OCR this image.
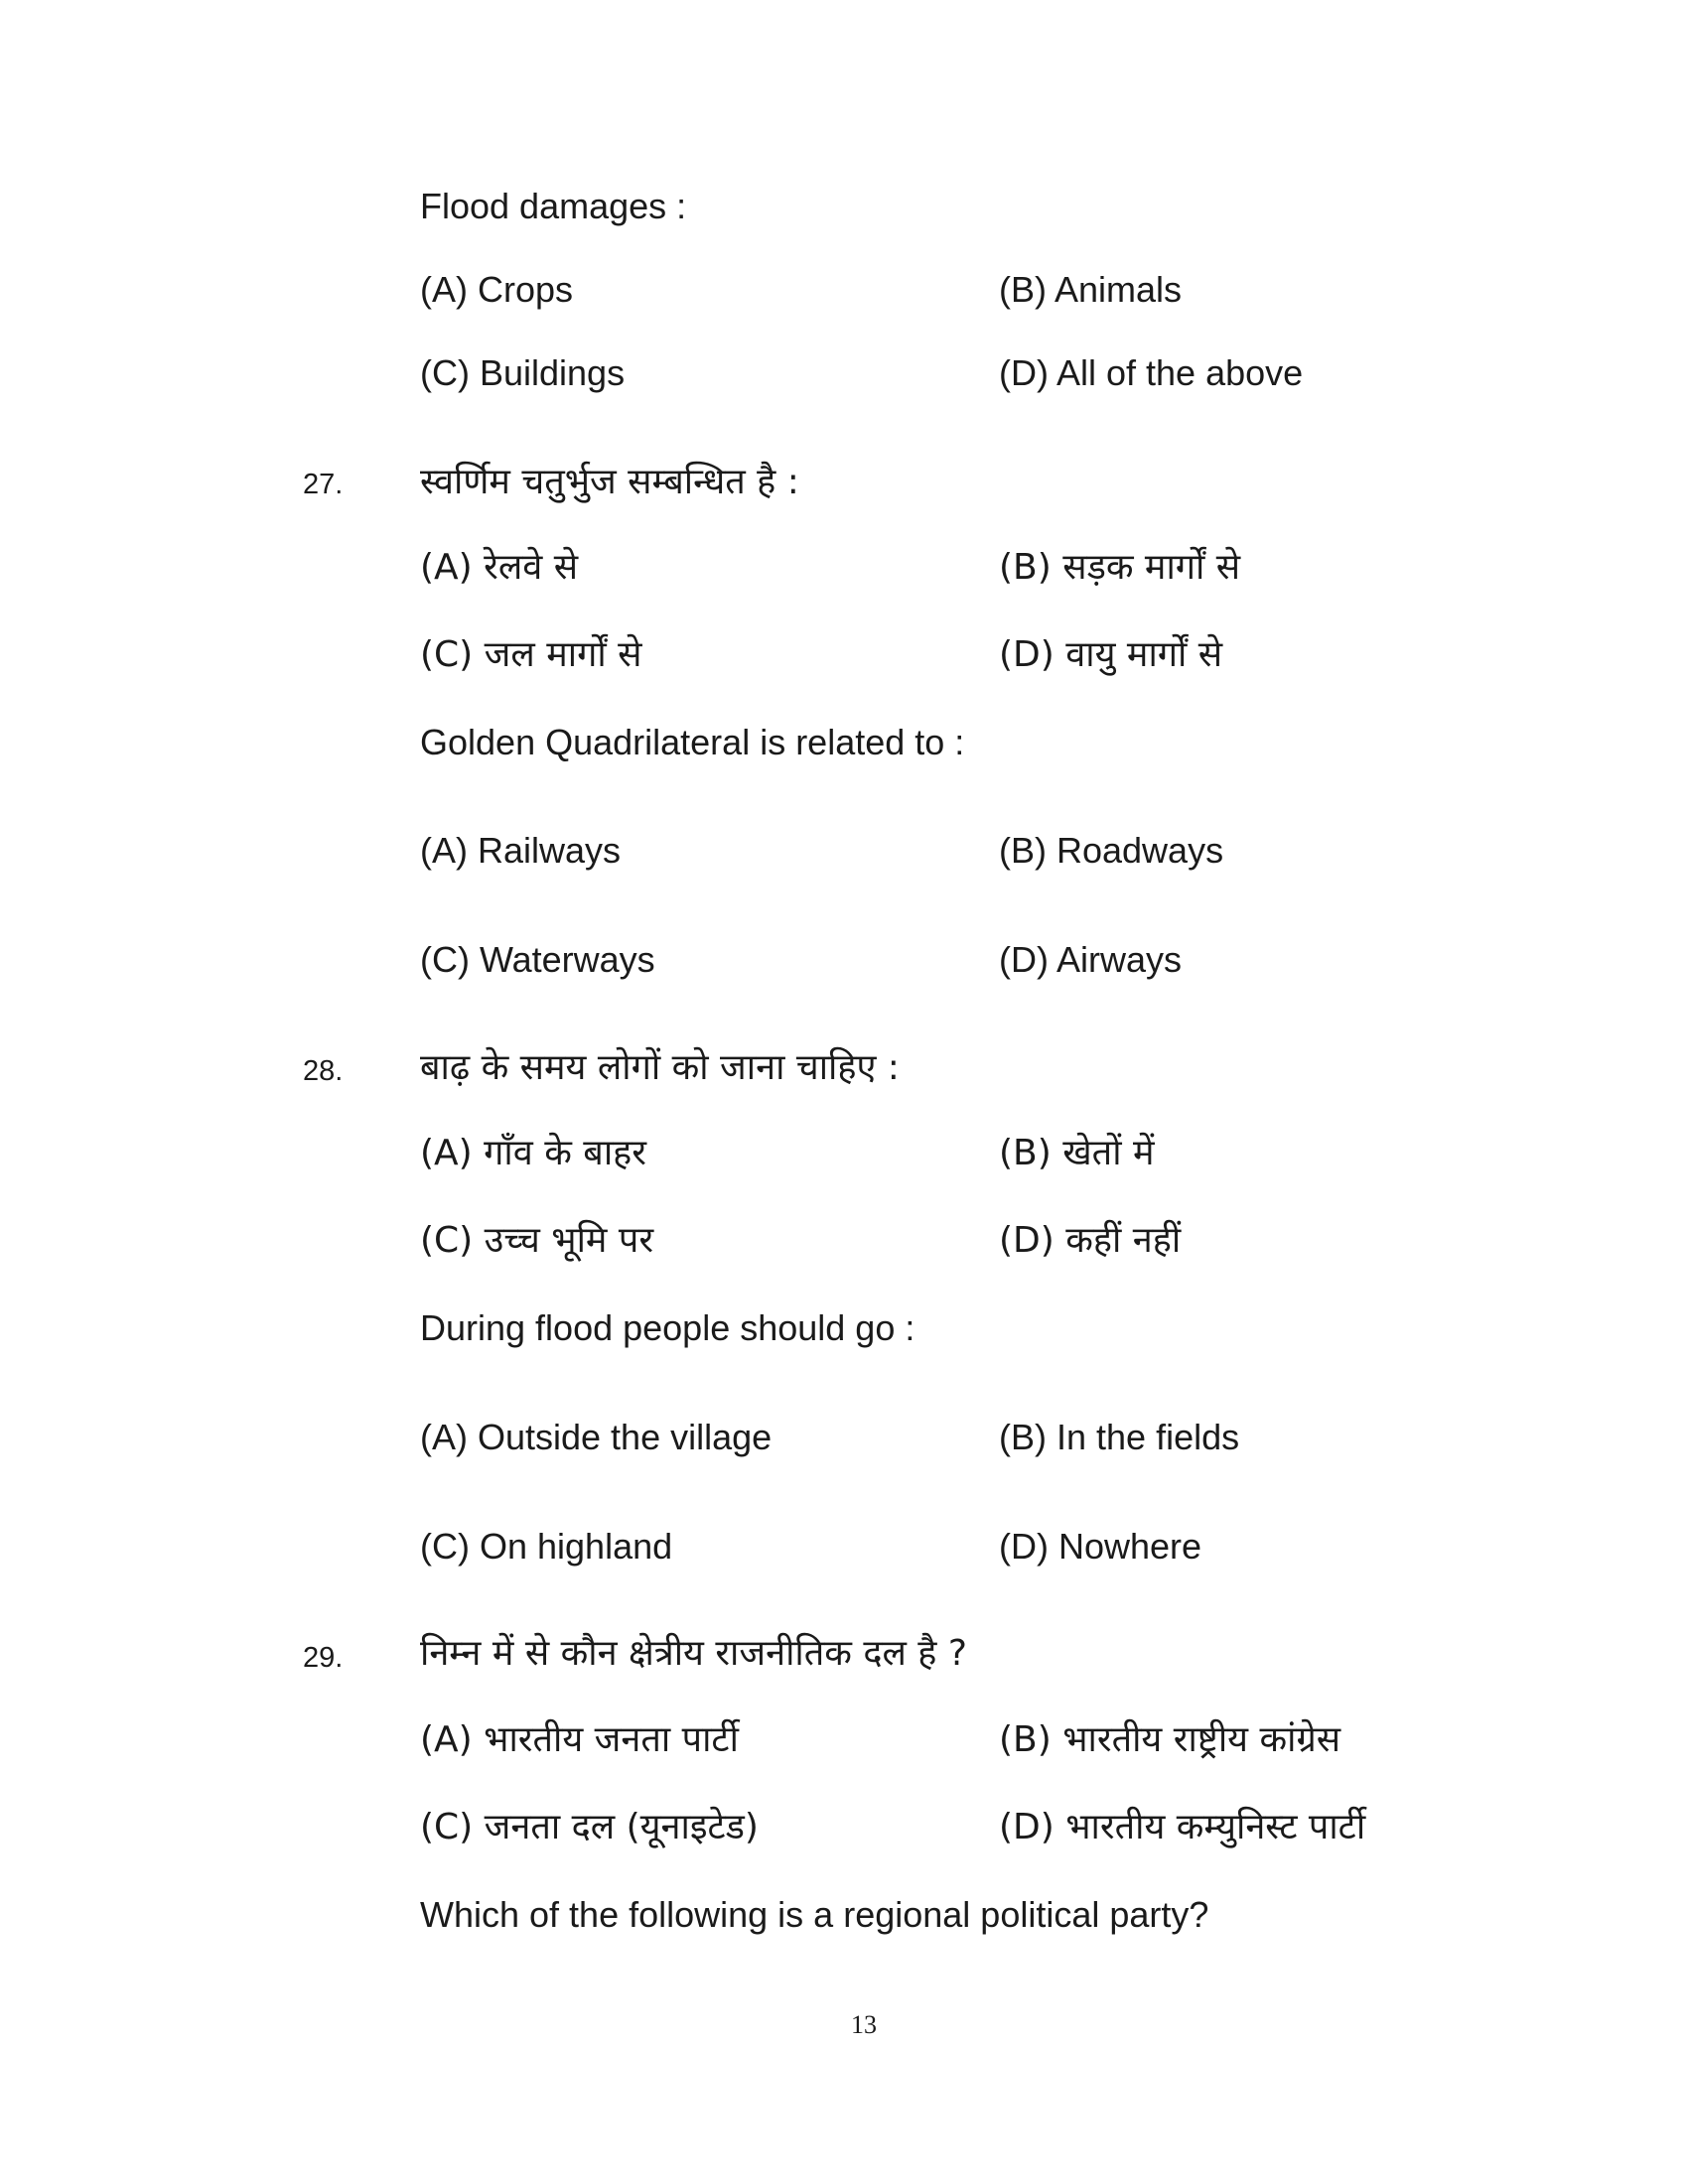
Flood damages :
(A) Crops	(B) Animals
(C) Buildings	(D) All of the above
27. स्वर्णिम चतुर्भुज सम्बन्धित है :
(A) रेलवे से	(B) सड़क मार्गों से
(C) जल मार्गों से	(D) वायु मार्गों से
Golden Quadrilateral is related to :
(A) Railways	(B) Roadways
(C) Waterways	(D) Airways
28. बाढ़ के समय लोगों को जाना चाहिए :
(A) गाँव के बाहर	(B) खेतों में
(C) उच्च भूमि पर	(D) कहीं नहीं
During flood people should go :
(A) Outside the village	(B) In the fields
(C) On highland	(D) Nowhere
29. निम्न में से कौन क्षेत्रीय राजनीतिक दल है ?
(A) भारतीय जनता पार्टी	(B) भारतीय राष्ट्रीय कांग्रेस
(C) जनता दल (यूनाइटेड)	(D) भारतीय कम्युनिस्ट पार्टी
Which of the following is a regional political party?
13
